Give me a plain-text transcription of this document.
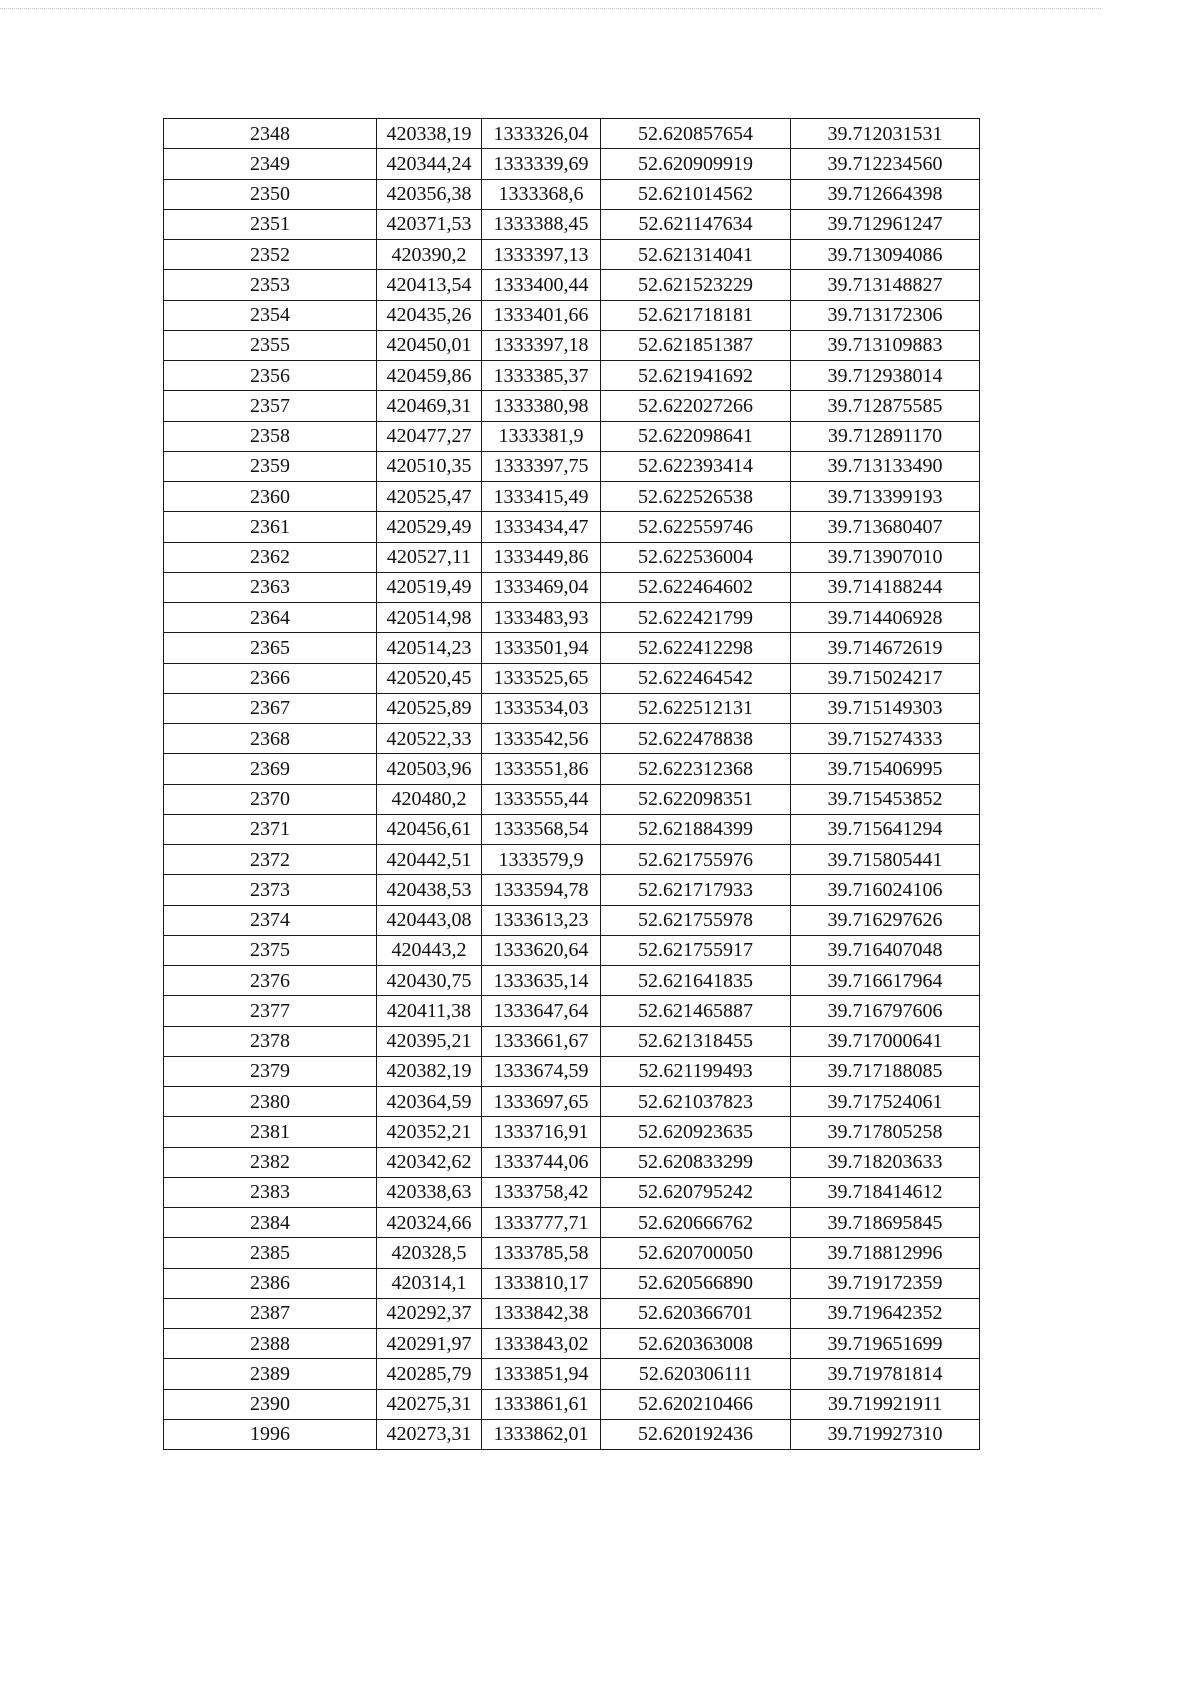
2348	420338,19	1333326,04	52.620857654	39.712031531
2349	420344,24	1333339,69	52.620909919	39.712234560
2350	420356,38	1333368,6	52.621014562	39.712664398
2351	420371,53	1333388,45	52.621147634	39.712961247
2352	420390,2	1333397,13	52.621314041	39.713094086
2353	420413,54	1333400,44	52.621523229	39.713148827
2354	420435,26	1333401,66	52.621718181	39.713172306
2355	420450,01	1333397,18	52.621851387	39.713109883
2356	420459,86	1333385,37	52.621941692	39.712938014
2357	420469,31	1333380,98	52.622027266	39.712875585
2358	420477,27	1333381,9	52.622098641	39.712891170
2359	420510,35	1333397,75	52.622393414	39.713133490
2360	420525,47	1333415,49	52.622526538	39.713399193
2361	420529,49	1333434,47	52.622559746	39.713680407
2362	420527,11	1333449,86	52.622536004	39.713907010
2363	420519,49	1333469,04	52.622464602	39.714188244
2364	420514,98	1333483,93	52.622421799	39.714406928
2365	420514,23	1333501,94	52.622412298	39.714672619
2366	420520,45	1333525,65	52.622464542	39.715024217
2367	420525,89	1333534,03	52.622512131	39.715149303
2368	420522,33	1333542,56	52.622478838	39.715274333
2369	420503,96	1333551,86	52.622312368	39.715406995
2370	420480,2	1333555,44	52.622098351	39.715453852
2371	420456,61	1333568,54	52.621884399	39.715641294
2372	420442,51	1333579,9	52.621755976	39.715805441
2373	420438,53	1333594,78	52.621717933	39.716024106
2374	420443,08	1333613,23	52.621755978	39.716297626
2375	420443,2	1333620,64	52.621755917	39.716407048
2376	420430,75	1333635,14	52.621641835	39.716617964
2377	420411,38	1333647,64	52.621465887	39.716797606
2378	420395,21	1333661,67	52.621318455	39.717000641
2379	420382,19	1333674,59	52.621199493	39.717188085
2380	420364,59	1333697,65	52.621037823	39.717524061
2381	420352,21	1333716,91	52.620923635	39.717805258
2382	420342,62	1333744,06	52.620833299	39.718203633
2383	420338,63	1333758,42	52.620795242	39.718414612
2384	420324,66	1333777,71	52.620666762	39.718695845
2385	420328,5	1333785,58	52.620700050	39.718812996
2386	420314,1	1333810,17	52.620566890	39.719172359
2387	420292,37	1333842,38	52.620366701	39.719642352
2388	420291,97	1333843,02	52.620363008	39.719651699
2389	420285,79	1333851,94	52.620306111	39.719781814
2390	420275,31	1333861,61	52.620210466	39.719921911
1996	420273,31	1333862,01	52.620192436	39.719927310
